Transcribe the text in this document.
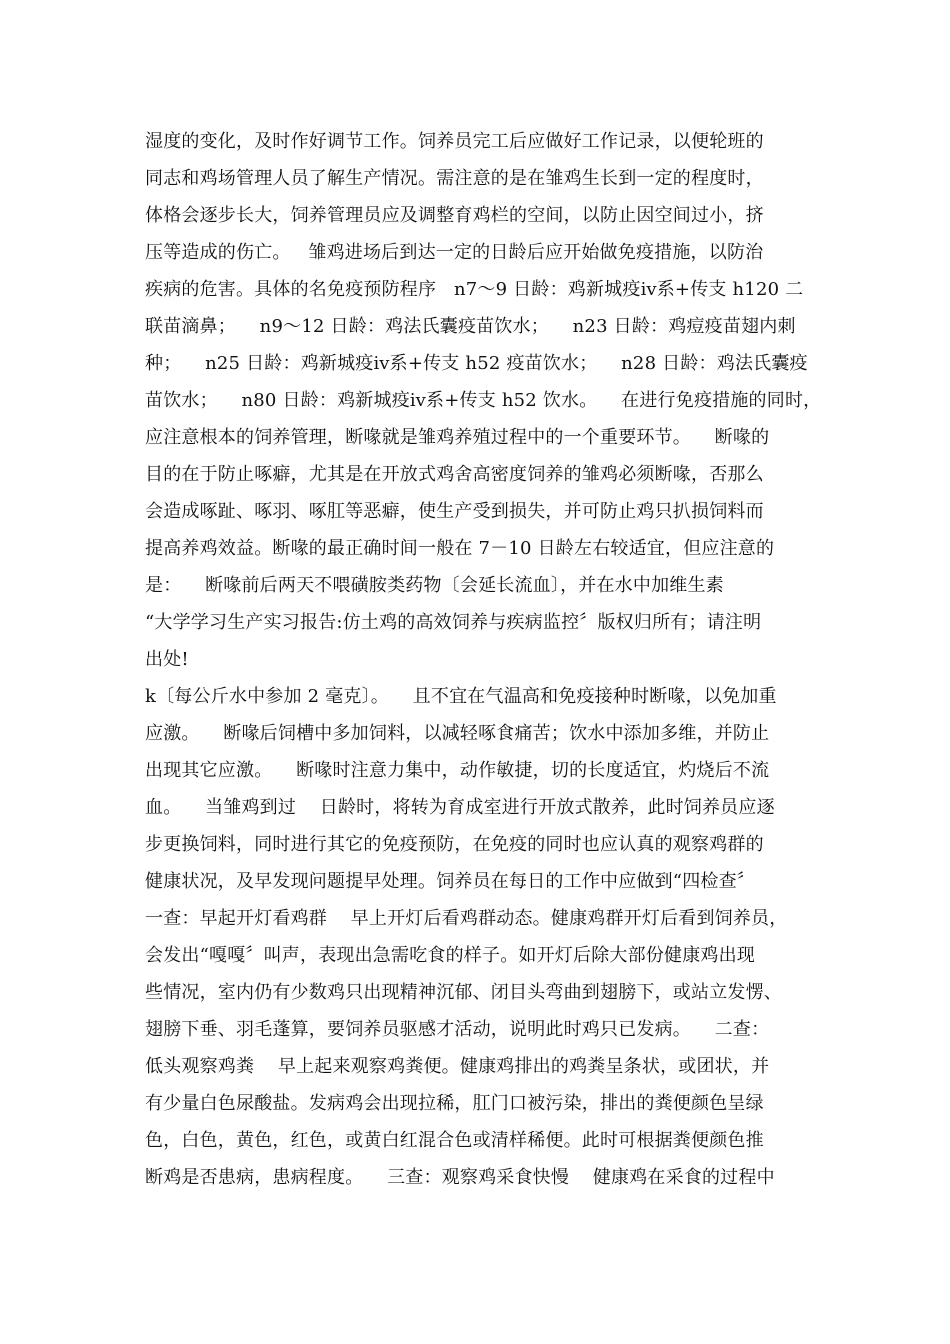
湿度的变化，及时作好调节工作。饲养员完工后应做好工作记录，以便轮班的
同志和鸡场管理人员了解生产情况。需注意的是在雏鸡生长到一定的程度时，
体格会逐步长大，饲养管理员应及调整育鸡栏的空间，以防止因空间过小，挤
压等造成的伤亡。   雏鸡进场后到达一定的日龄后应开始做免疫措施，以防治
疾病的危害。具体的名免疫预防程序   n7～9 日龄：鸡新城疫ⅳ系+传支 h120 二
联苗滴鼻；    n9～12 日龄：鸡法氏囊疫苗饮水；    n23 日龄：鸡痘疫苗翅内刺
种；    n25 日龄：鸡新城疫ⅳ系+传支 h52 疫苗饮水；    n28 日龄：鸡法氏囊疫
苗饮水；    n80 日龄：鸡新城疫ⅳ系+传支 h52 饮水。    在进行免疫措施的同时，
应注意根本的饲养管理，断喙就是雏鸡养殖过程中的一个重要环节。    断喙的
目的在于防止啄癖，尤其是在开放式鸡舍高密度饲养的雏鸡必须断喙，否那么
会造成啄趾、啄羽、啄肛等恶癖，使生产受到损失，并可防止鸡只扒损饲料而
提高养鸡效益。断喙的最正确时间一般在 7－10 日龄左右较适宜，但应注意的
是：    断喙前后两天不喂磺胺类药物〔会延长流血〕，并在水中加维生素
“大学学习生产实习报告:仿土鸡的高效饲养与疾病监控〞版权归所有；请注明
出处!
k〔每公斤水中参加 2 毫克〕。    且不宜在气温高和免疫接种时断喙，以免加重
应激。    断喙后饲槽中多加饲料，以减轻啄食痛苦；饮水中添加多维，并防止
出现其它应激。    断喙时注意力集中，动作敏捷，切的长度适宜，灼烧后不流
血。    当雏鸡到过    日龄时，将转为育成室进行开放式散养，此时饲养员应逐
步更换饲料，同时进行其它的免疫预防，在免疫的同时也应认真的观察鸡群的
健康状况，及早发现问题提早处理。饲养员在每日的工作中应做到“四检查〞
一查：早起开灯看鸡群    早上开灯后看鸡群动态。健康鸡群开灯后看到饲养员，
会发出“嘎嘎〞叫声，表现出急需吃食的样子。如开灯后除大部份健康鸡出现
些情况，室内仍有少数鸡只出现精神沉郁、闭目头弯曲到翅膀下，或站立发愣、
翅膀下垂、羽毛蓬算，要饲养员驱感才活动，说明此时鸡只已发病。    二查：
低头观察鸡粪    早上起来观察鸡粪便。健康鸡排出的鸡粪呈条状，或团状，并
有少量白色尿酸盐。发病鸡会出现拉稀，肛门口被污染，排出的粪便颜色呈绿
色，白色，黄色，红色，或黄白红混合色或清样稀便。此时可根据粪便颜色推
断鸡是否患病，患病程度。    三查：观察鸡采食快慢    健康鸡在采食的过程中
